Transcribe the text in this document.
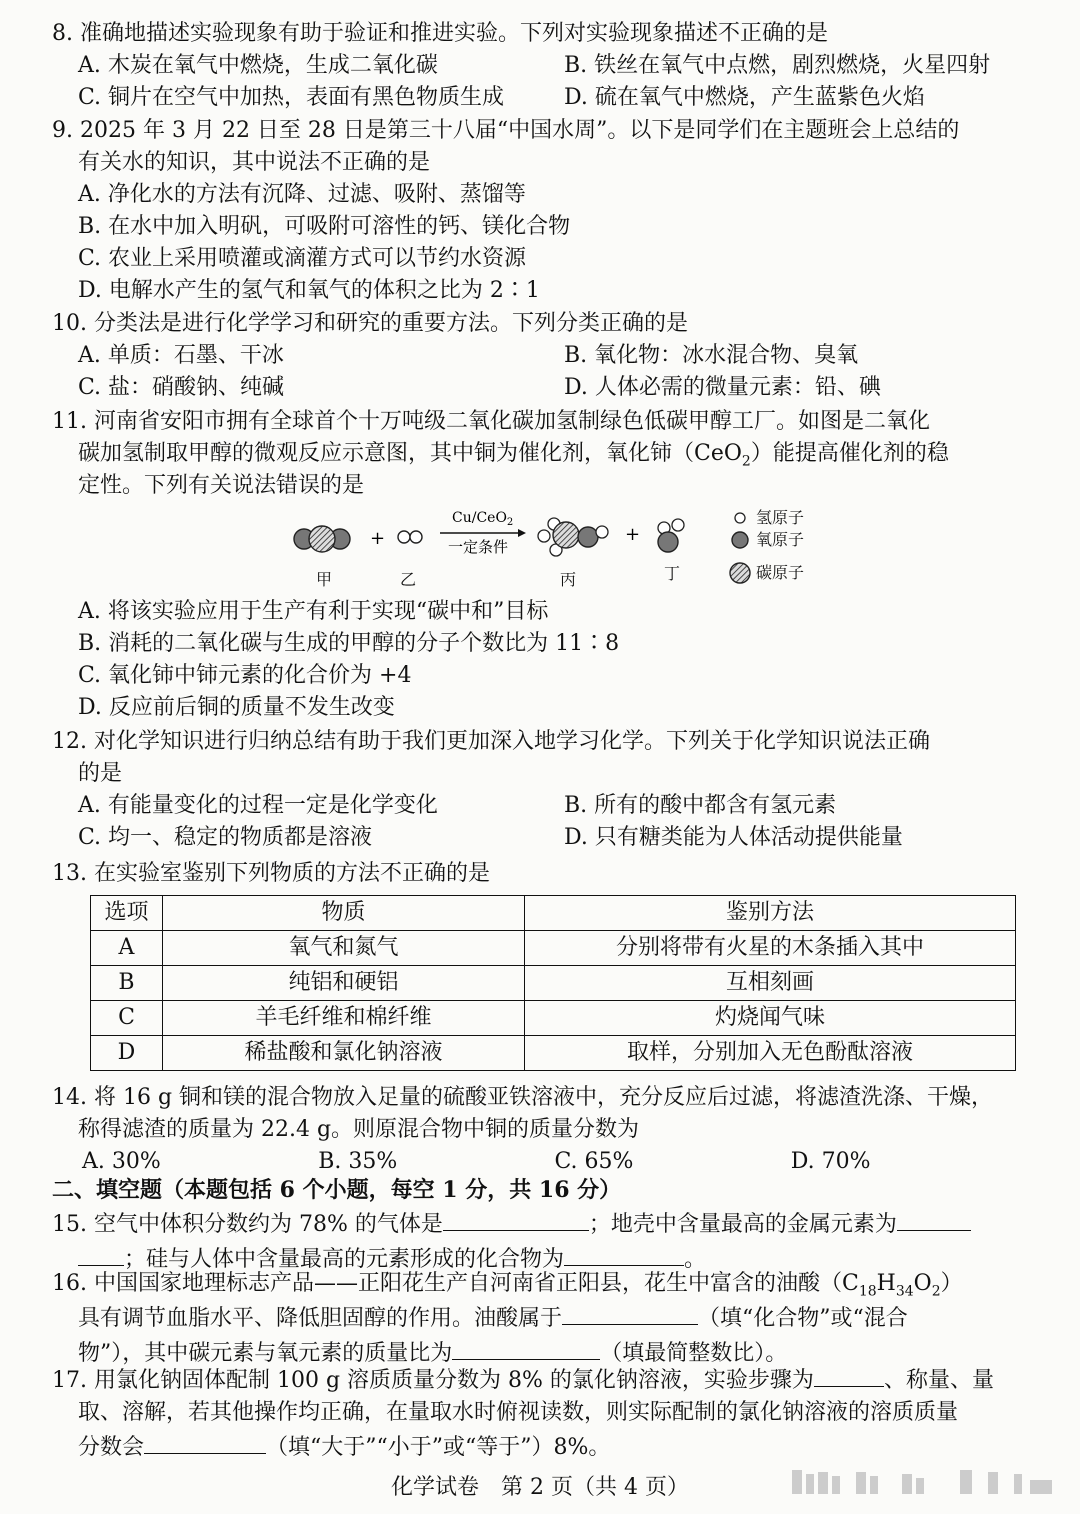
8. 准确地描述实验现象有助于验证和推进实验。下列对实验现象描述不正确的是
A. 木炭在氧气中燃烧，生成二氧化碳	B. 铁丝在氧气中点燃，剧烈燃烧，火星四射
C. 铜片在空气中加热，表面有黑色物质生成	D. 硫在氧气中燃烧，产生蓝紫色火焰
9. 2025 年 3 月 22 日至 28 日是第三十八届“中国水周”。以下是同学们在主题班会上总结的
有关水的知识，其中说法不正确的是
A. 净化水的方法有沉降、过滤、吸附、蒸馏等
B. 在水中加入明矾，可吸附可溶性的钙、镁化合物
C. 农业上采用喷灌或滴灌方式可以节约水资源
D. 电解水产生的氢气和氧气的体积之比为 2∶1
10. 分类法是进行化学学习和研究的重要方法。下列分类正确的是
A. 单质：石墨、干冰	B. 氧化物：冰水混合物、臭氧
C. 盐：硝酸钠、纯碱	D. 人体必需的微量元素：铅、碘
11. 河南省安阳市拥有全球首个十万吨级二氧化碳加氢制绿色低碳甲醇工厂。如图是二氧化
碳加氢制取甲醇的微观反应示意图，其中铜为催化剂，氧化铈（CeO$_2$）能提高催化剂的稳
定性。下列有关说法错误的是
+
Cu/CeO$_2$
一定条件
+
甲	乙	丙	丁
氢原子
氧原子
碳原子
A. 将该实验应用于生产有利于实现“碳中和”目标
B. 消耗的二氧化碳与生成的甲醇的分子个数比为 11∶8
C. 氧化铈中铈元素的化合价为 +4
D. 反应前后铜的质量不发生改变
12. 对化学知识进行归纳总结有助于我们更加深入地学习化学。下列关于化学知识说法正确
的是
A. 有能量变化的过程一定是化学变化	B. 所有的酸中都含有氢元素
C. 均一、稳定的物质都是溶液	D. 只有糖类能为人体活动提供能量
13. 在实验室鉴别下列物质的方法不正确的是
选项	物质	鉴别方法
A	氧气和氮气	分别将带有火星的木条插入其中
B	纯铝和硬铝	互相刻画
C	羊毛纤维和棉纤维	灼烧闻气味
D	稀盐酸和氯化钠溶液	取样，分别加入无色酚酞溶液
14. 将 16 g 铜和镁的混合物放入足量的硫酸亚铁溶液中，充分反应后过滤，将滤渣洗涤、干燥，
称得滤渣的质量为 22.4 g。则原混合物中铜的质量分数为
A. 30%	B. 35%	C. 65%	D. 70%
二、填空题（本题包括 6 个小题，每空 1 分，共 16 分）
15. 空气中体积分数约为 78% 的气体是	；地壳中含量最高的金属元素为
；硅与人体中含量最高的元素形成的化合物为	。
16. 中国国家地理标志产品——正阳花生产自河南省正阳县，花生中富含的油酸$(C_{18}H_{34}O_2)$
具有调节血脂水平、降低胆固醇的作用。油酸属于	（填“化合物”或“混合
物”），其中碳元素与氧元素的质量比为	（填最简整数比）。
17. 用氯化钠固体配制 100 g 溶质质量分数为 8% 的氯化钠溶液，实验步骤为	、称量、量
取、溶解，若其他操作均正确，在量取水时俯视读数，则实际配制的氯化钠溶液的溶质质量
分数会	（填“大于”“小于”或“等于”）8%。
化学试卷　第 2 页（共 4 页）
